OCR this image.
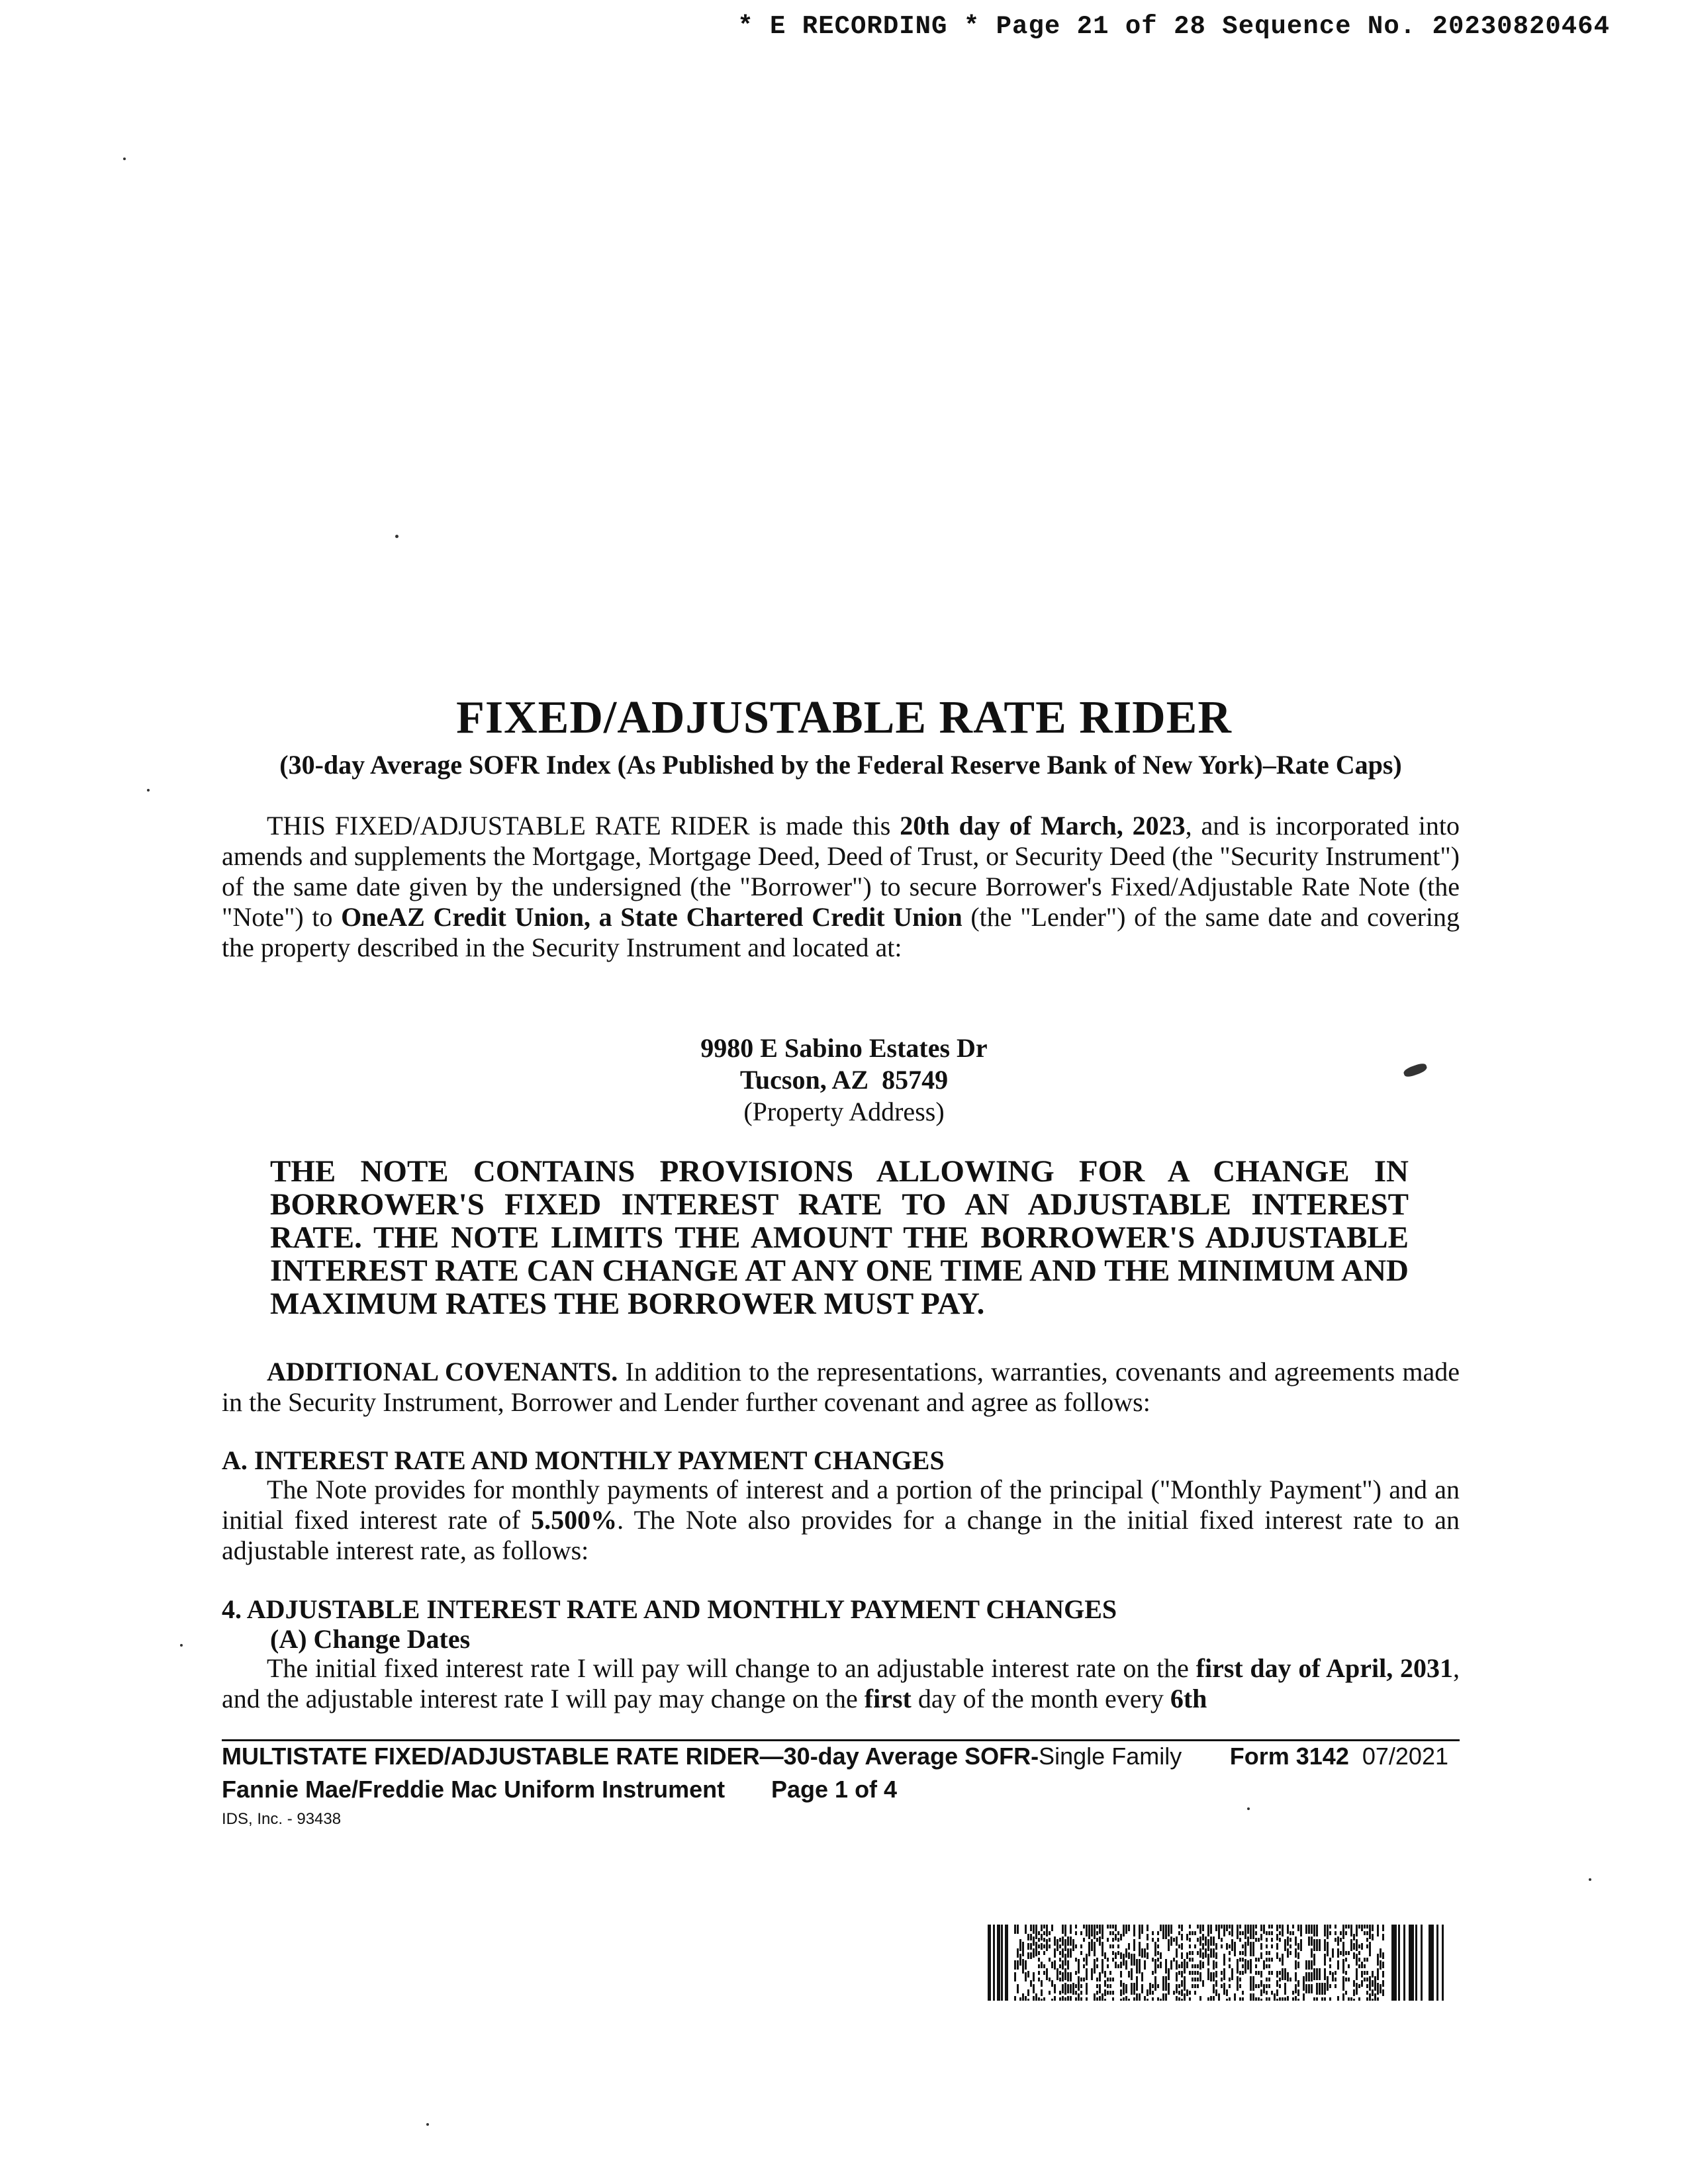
* E RECORDING * Page 21 of 28 Sequence No. 20230820464
FIXED/ADJUSTABLE RATE RIDER
(30-day Average SOFR Index (As Published by the Federal Reserve Bank of New York)–Rate Caps)
THIS FIXED/ADJUSTABLE RATE RIDER is made this 20th day of March, 2023, and is incorporated into amends and supplements the Mortgage, Mortgage Deed, Deed of Trust, or Security Deed (the "Security Instrument") of the same date given by the undersigned (the "Borrower") to secure Borrower's Fixed/Adjustable Rate Note (the "Note") to OneAZ Credit Union, a State Chartered Credit Union (the "Lender") of the same date and covering the property described in the Security Instrument and located at:
9980 E Sabino Estates Dr
Tucson, AZ  85749
(Property Address)
THE NOTE CONTAINS PROVISIONS ALLOWING FOR A CHANGE IN BORROWER'S FIXED INTEREST RATE TO AN ADJUSTABLE INTEREST RATE. THE NOTE LIMITS THE AMOUNT THE BORROWER'S ADJUSTABLE INTEREST RATE CAN CHANGE AT ANY ONE TIME AND THE MINIMUM AND MAXIMUM RATES THE BORROWER MUST PAY.
ADDITIONAL COVENANTS. In addition to the representations, warranties, covenants and agreements made in the Security Instrument, Borrower and Lender further covenant and agree as follows:
A. INTEREST RATE AND MONTHLY PAYMENT CHANGES
The Note provides for monthly payments of interest and a portion of the principal ("Monthly Payment") and an initial fixed interest rate of 5.500%. The Note also provides for a change in the initial fixed interest rate to an adjustable interest rate, as follows:
4. ADJUSTABLE INTEREST RATE AND MONTHLY PAYMENT CHANGES
(A) Change Dates
The initial fixed interest rate I will pay will change to an adjustable interest rate on the first day of April, 2031, and the adjustable interest rate I will pay may change on the first day of the month every 6th
MULTISTATE FIXED/ADJUSTABLE RATE RIDER—30-day Average SOFR-Single Family Form 3142 07/2021
Fannie Mae/Freddie Mac Uniform Instrument Page 1 of 4
IDS, Inc. - 93438
